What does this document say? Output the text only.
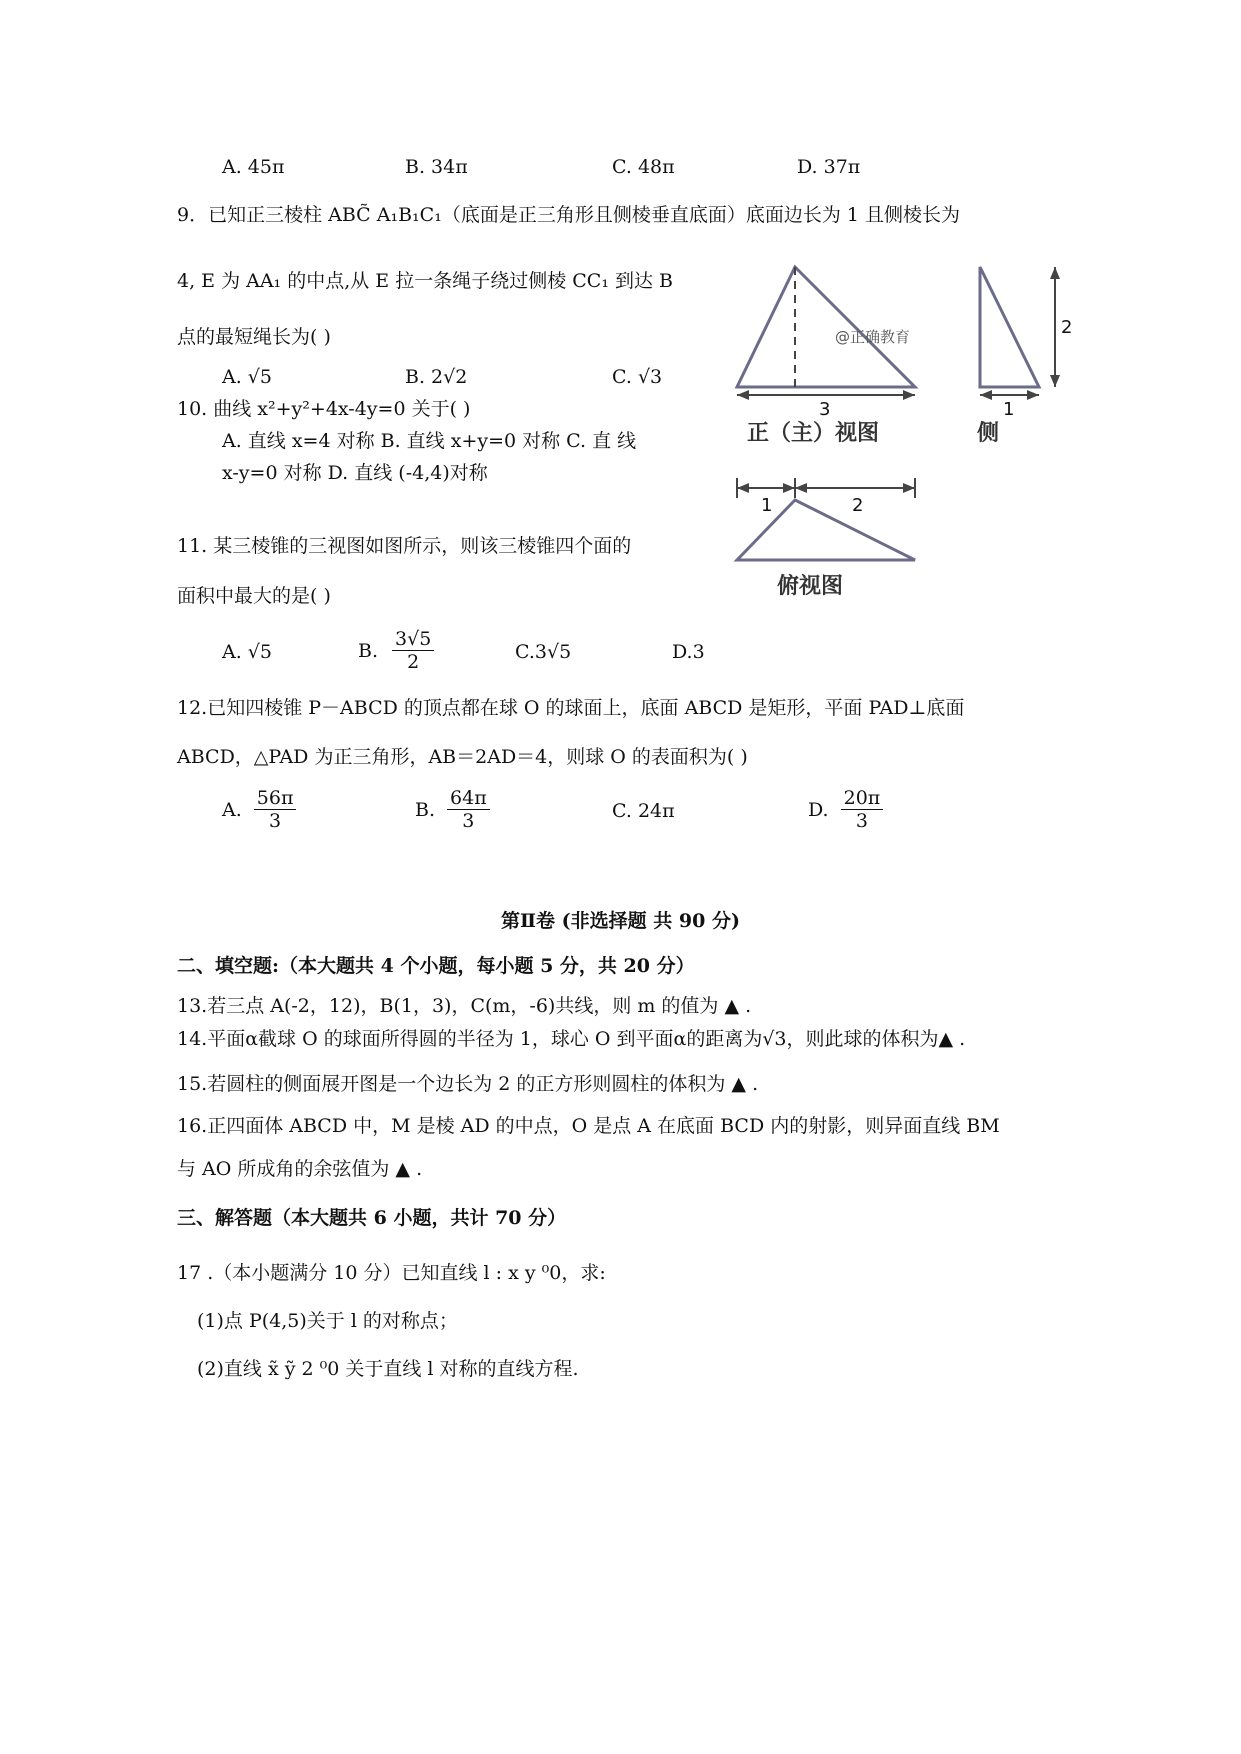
A. 45π	B. 34π	C. 48π	D. 37π
9．已知正三棱柱 ABC̃ A₁B₁C₁（底面是正三角形且侧棱垂直底面）底面边长为 1 且侧棱长为
4, E 为 AA₁ 的中点,从 E 拉一条绳子绕过侧棱 CC₁ 到达 B
点的最短绳长为( )
A. √5	B. 2√2	C. √3
10. 曲线 x²+y²+4x-4y=0 关于( )
A. 直线 x=4 对称 B. 直线 x+y=0 对称 C. 直 线
x-y=0 对称 D. 直线 (-4,4)对称
11. 某三棱锥的三视图如图所示，则该三棱锥四个面的
面积中最大的是( )
A. √5	B. $\frac{3√5}{2}$	C.3√5	D.3
3
@正确教育
正（主）视图
2
1
侧
1	2
俯视图
12.已知四棱锥 P－ABCD 的顶点都在球 O 的球面上，底面 ABCD 是矩形，平面 PAD⊥底面
ABCD，△PAD 为正三角形，AB＝2AD＝4，则球 O 的表面积为( )
A. $\frac{56\pi}{3}$	B. $\frac{64\pi}{3}$	C. 24π	D. $\frac{20\pi}{3}$
第Ⅱ卷 (非选择题 共 90 分)
二、填空题:（本大题共 4 个小题，每小题 5 分，共 20 分）
13.若三点 A(-2，12)，B(1，3)，C(m，-6)共线，则 m 的值为 ▲ .
14.平面α截球 O 的球面所得圆的半径为 1，球心 O 到平面α的距离为√3，则此球的体积为▲ .
15.若圆柱的侧面展开图是一个边长为 2 的正方形则圆柱的体积为 ▲ .
16.正四面体 ABCD 中，M 是棱 AD 的中点，O 是点 A 在底面 BCD 内的射影，则异面直线 BM
与 AO 所成角的余弦值为 ▲ .
三、解答题（本大题共 6 小题，共计 70 分）
17 .（本小题满分 10 分）已知直线 l : x y ⁰0，求:
(1)点 P(4,5)关于 l 的对称点；
(2)直线 x̃ ỹ 2 ⁰0 关于直线 l 对称的直线方程.
